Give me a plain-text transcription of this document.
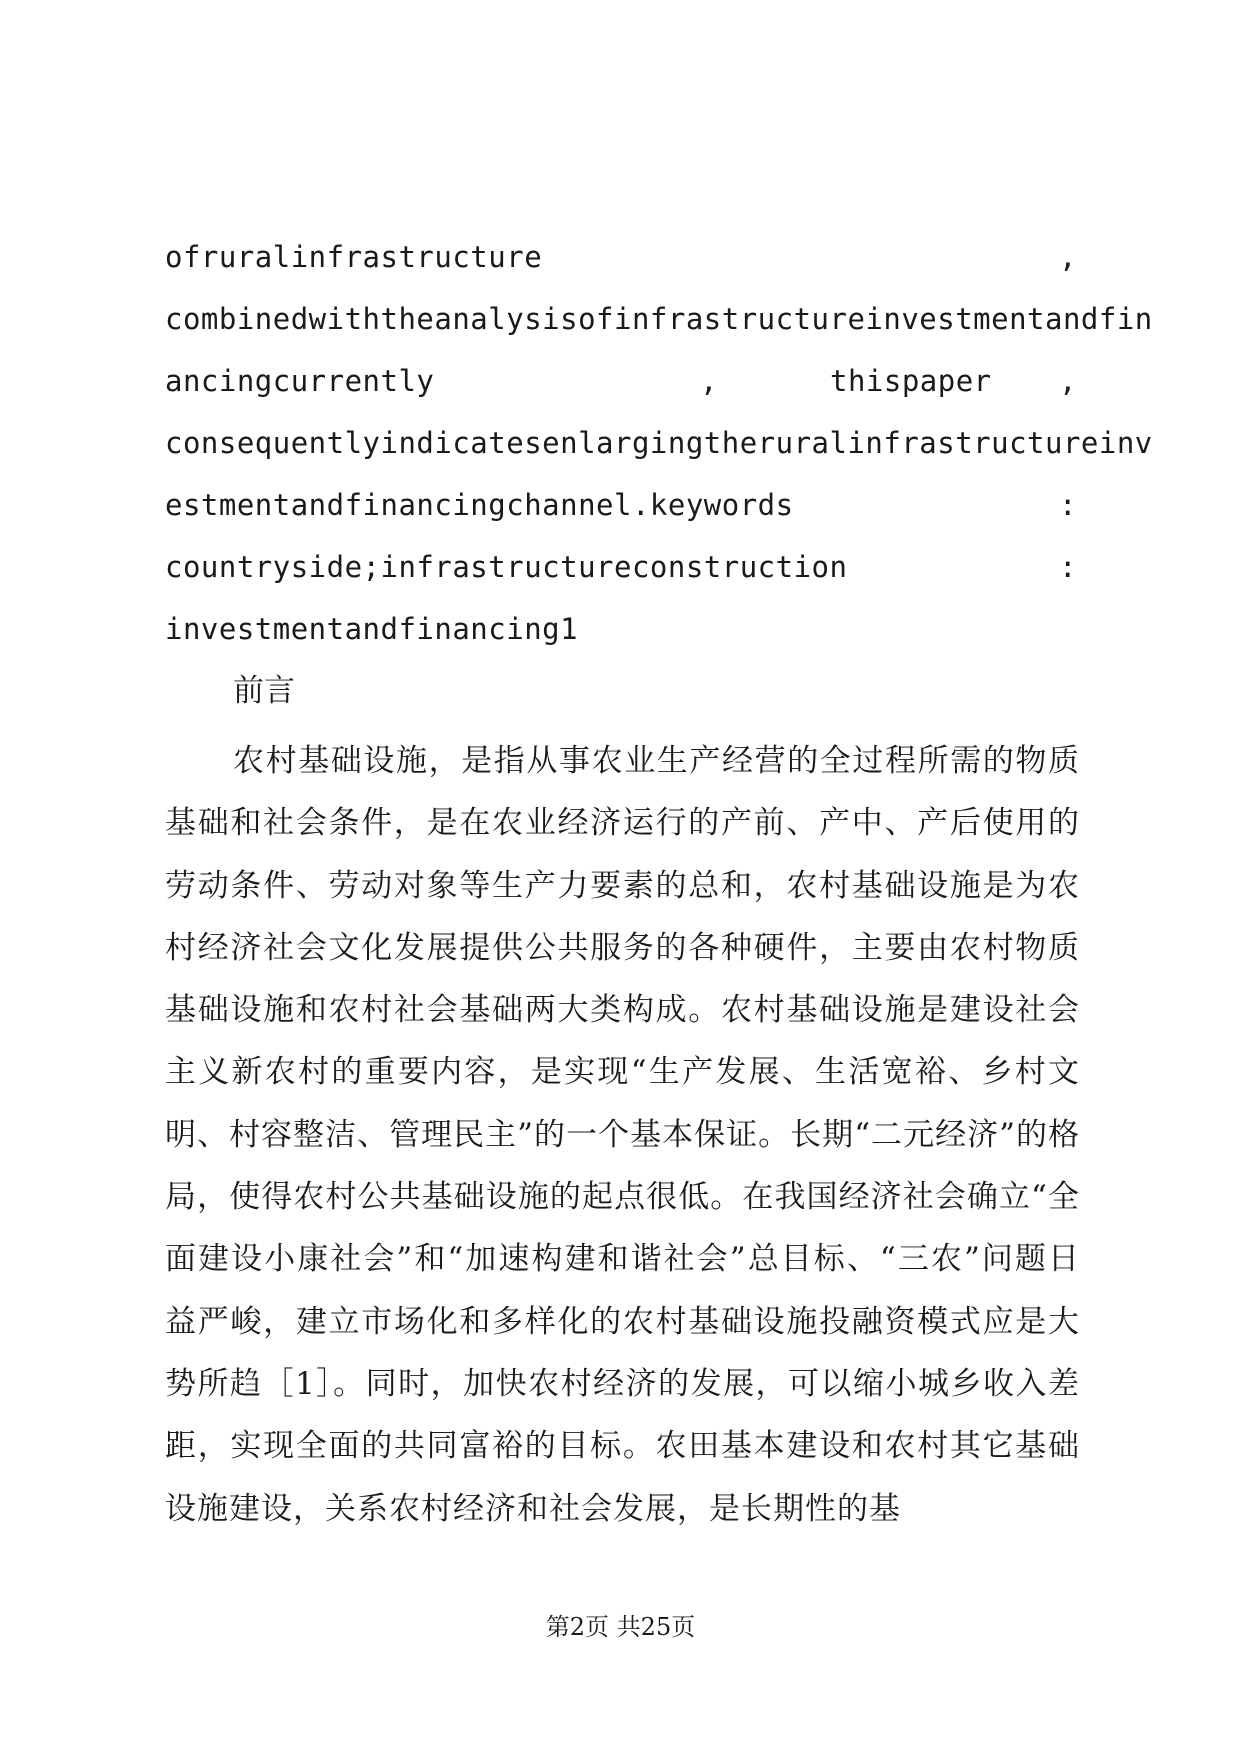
ofruralinfrastructure	,
combinedwiththeanalysisofinfrastructureinvestmentandfin
ancingcurrently	,	thispaper ,
consequentlyindicatesenlargingtheruralinfrastructureinv
estmentandfinancingchannel.keywords	:
countryside;infrastructureconstruction	:
investmentandfinancing1
前言
农村基础设施，是指从事农业生产经营的全过程所需的物质基础和社会条件，是在农业经济运行的产前、产中、产后使用的劳动条件、劳动对象等生产力要素的总和，农村基础设施是为农村经济社会文化发展提供公共服务的各种硬件，主要由农村物质基础设施和农村社会基础两大类构成。农村基础设施是建设社会主义新农村的重要内容，是实现“生产发展、生活宽裕、乡村文明、村容整洁、管理民主”的一个基本保证。长期“二元经济”的格局，使得农村公共基础设施的起点很低。在我国经济社会确立“全面建设小康社会”和“加速构建和谐社会”总目标、“三农”问题日益严峻，建立市场化和多样化的农村基础设施投融资模式应是大势所趋［1］。同时，加快农村经济的发展，可以缩小城乡收入差距，实现全面的共同富裕的目标。农田基本建设和农村其它基础设施建设，关系农村经济和社会发展，是长期性的基
第2页 共25页
